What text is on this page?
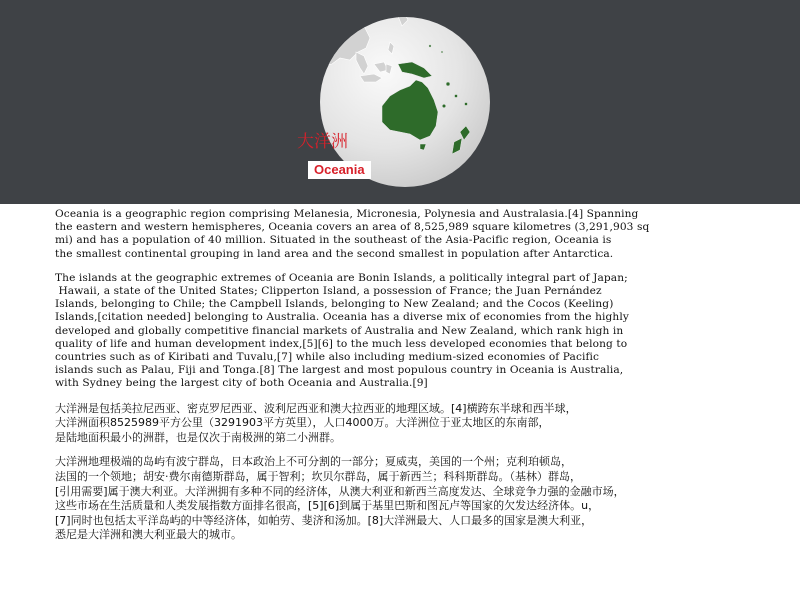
大洋洲
Oceania

Oceania is a geographic region comprising Melanesia, Micronesia, Polynesia and Australasia.[4] Spanning
the eastern and western hemispheres, Oceania covers an area of 8,525,989 square kilometres (3,291,903 sq
mi) and has a population of 40 million. Situated in the southeast of the Asia-Pacific region, Oceania is
the smallest continental grouping in land area and the second smallest in population after Antarctica.

The islands at the geographic extremes of Oceania are Bonin Islands, a politically integral part of Japan;
Hawaii, a state of the United States; Clipperton Island, a possession of France; the Juan Pernández
Islands, belonging to Chile; the Campbell Islands, belonging to New Zealand; and the Cocos (Keeling)
Islands,[citation needed] belonging to Australia. Oceania has a diverse mix of economies from the highly
developed and globally competitive financial markets of Australia and New Zealand, which rank high in
quality of life and human development index,[5][6] to the much less developed economies that belong to
countries such as of Kiribati and Tuvalu,[7] while also including medium-sized economies of Pacific
islands such as Palau, Fiji and Tonga.[8] The largest and most populous country in Oceania is Australia,
with Sydney being the largest city of both Oceania and Australia.[9]

大洋洲是包括美拉尼西亚、密克罗尼西亚、波利尼西亚和澳大拉西亚的地理区域。[4]横跨东半球和西半球，
大洋洲面积8525989平方公里（3291903平方英里），人口4000万。大洋洲位于亚太地区的东南部，
是陆地面积最小的洲群，也是仅次于南极洲的第二小洲群。

大洋洲地理极端的岛屿有波宁群岛，日本政治上不可分割的一部分；夏威夷，美国的一个州；克利珀顿岛，
法国的一个领地；胡安·费尔南德斯群岛，属于智利；坎贝尔群岛，属于新西兰；科科斯群岛。（基林）群岛，
[引用需要]属于澳大利亚。大洋洲拥有多种不同的经济体，从澳大利亚和新西兰高度发达、全球竞争力强的金融市场，
这些市场在生活质量和人类发展指数方面排名很高，[5][6]到属于基里巴斯和图瓦卢等国家的欠发达经济体。u，
[7]同时也包括太平洋岛屿的中等经济体，如帕劳、斐济和汤加。[8]大洋洲最大、人口最多的国家是澳大利亚，
悉尼是大洋洲和澳大利亚最大的城市。
